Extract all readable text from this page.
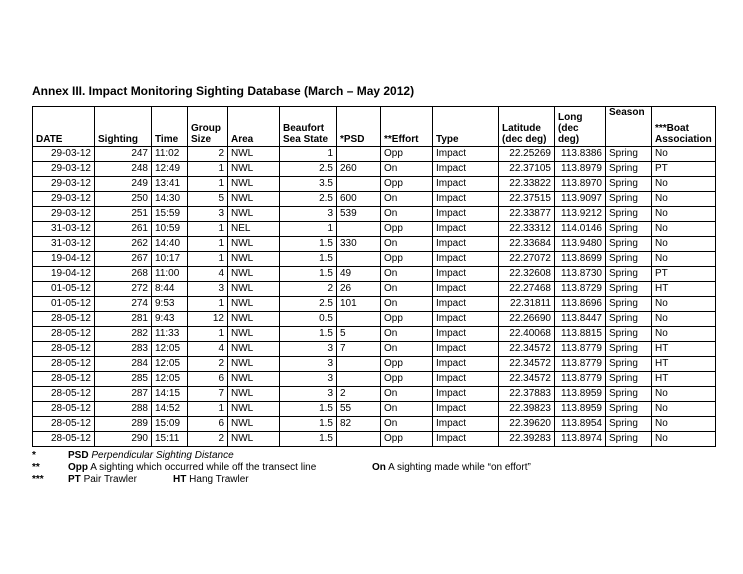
Annex III. Impact Monitoring Sighting Database (March – May 2012)
DATE	Sighting	Time	Group Size	Area	Beaufort Sea State	*PSD	**Effort	Type	Latitude (dec deg)	Long (dec deg)	Season	***Boat Association
29-03-12	247	11:02	2	NWL	1		Opp	Impact	22.25269	113.8386	Spring	No
29-03-12	248	12:49	1	NWL	2.5	260	On	Impact	22.37105	113.8979	Spring	PT
29-03-12	249	13:41	1	NWL	3.5		Opp	Impact	22.33822	113.8970	Spring	No
29-03-12	250	14:30	5	NWL	2.5	600	On	Impact	22.37515	113.9097	Spring	No
29-03-12	251	15:59	3	NWL	3	539	On	Impact	22.33877	113.9212	Spring	No
31-03-12	261	10:59	1	NEL	1		Opp	Impact	22.33312	114.0146	Spring	No
31-03-12	262	14:40	1	NWL	1.5	330	On	Impact	22.33684	113.9480	Spring	No
19-04-12	267	10:17	1	NWL	1.5		Opp	Impact	22.27072	113.8699	Spring	No
19-04-12	268	11:00	4	NWL	1.5	49	On	Impact	22.32608	113.8730	Spring	PT
01-05-12	272	8:44	3	NWL	2	26	On	Impact	22.27468	113.8729	Spring	HT
01-05-12	274	9:53	1	NWL	2.5	101	On	Impact	22.31811	113.8696	Spring	No
28-05-12	281	9:43	12	NWL	0.5		Opp	Impact	22.26690	113.8447	Spring	No
28-05-12	282	11:33	1	NWL	1.5	5	On	Impact	22.40068	113.8815	Spring	No
28-05-12	283	12:05	4	NWL	3	7	On	Impact	22.34572	113.8779	Spring	HT
28-05-12	284	12:05	2	NWL	3		Opp	Impact	22.34572	113.8779	Spring	HT
28-05-12	285	12:05	6	NWL	3		Opp	Impact	22.34572	113.8779	Spring	HT
28-05-12	287	14:15	7	NWL	3	2	On	Impact	22.37883	113.8959	Spring	No
28-05-12	288	14:52	1	NWL	1.5	55	On	Impact	22.39823	113.8959	Spring	No
28-05-12	289	15:09	6	NWL	1.5	82	On	Impact	22.39620	113.8954	Spring	No
28-05-12	290	15:11	2	NWL	1.5		Opp	Impact	22.39283	113.8974	Spring	No
*	PSD Perpendicular Sighting Distance
**	Opp A sighting which occurred while off the transect line	On A sighting made while “on effort”
*** PT Pair Trawler	HT Hang Trawler
